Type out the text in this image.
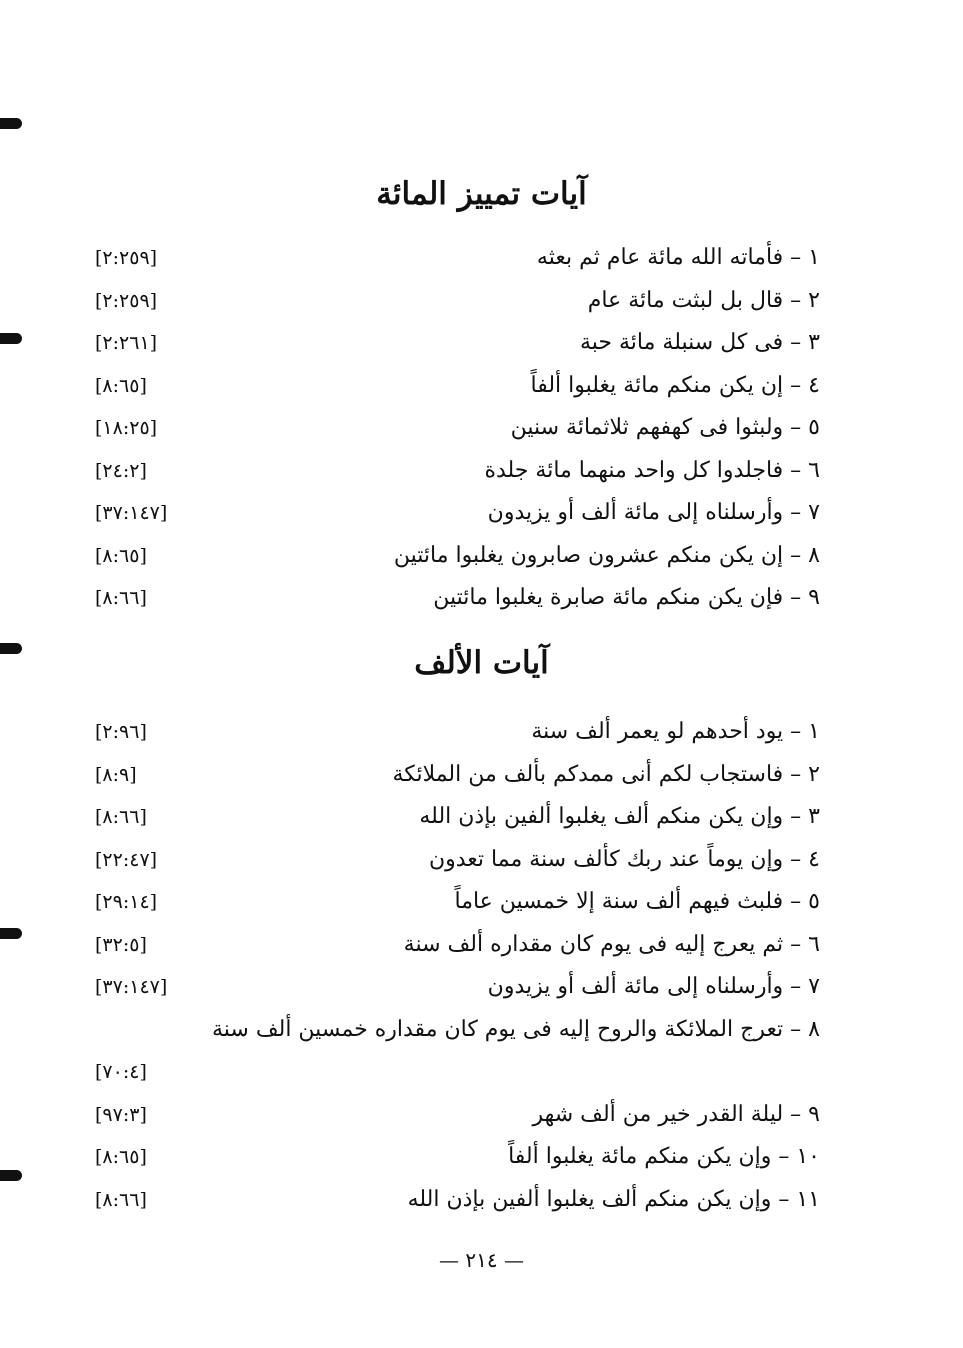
آيات تمييز المائة
١ – فأماته الله مائة عام ثم بعثه
[٢:٢٥٩]
٢ – قال بل لبثت مائة عام
[٢:٢٥٩]
٣ – فى كل سنبلة مائة حبة
[٢:٢٦١]
٤ – إن يكن منكم مائة يغلبوا ألفاً
[٨:٦٥]
٥ – ولبثوا فى كهفهم ثلاثمائة سنين
[١٨:٢٥]
٦ – فاجلدوا كل واحد منهما مائة جلدة
[٢٤:٢]
٧ – وأرسلناه إلى مائة ألف أو يزيدون
[٣٧:١٤٧]
٨ – إن يكن منكم عشرون صابرون يغلبوا مائتين
[٨:٦٥]
٩ – فإن يكن منكم مائة صابرة يغلبوا مائتين
[٨:٦٦]
آيات الألف
١ – يود أحدهم لو يعمر ألف سنة
[٢:٩٦]
٢ – فاستجاب لكم أنى ممدكم بألف من الملائكة
[٨:٩]
٣ – وإن يكن منكم ألف يغلبوا ألفين بإذن الله
[٨:٦٦]
٤ – وإن يوماً عند ربك كألف سنة مما تعدون
[٢٢:٤٧]
٥ – فلبث فيهم ألف سنة إلا خمسين عاماً
[٢٩:١٤]
٦ – ثم يعرج إليه فى يوم كان مقداره ألف سنة
[٣٢:٥]
٧ – وأرسلناه إلى مائة ألف أو يزيدون
[٣٧:١٤٧]
٨ – تعرج الملائكة والروح إليه فى يوم كان مقداره خمسين ألف سنة
[٧٠:٤]
٩ – ليلة القدر خير من ألف شهر
[٩٧:٣]
١٠ – وإن يكن منكم مائة يغلبوا ألفاً
[٨:٦٥]
١١ – وإن يكن منكم ألف يغلبوا ألفين بإذن الله
[٨:٦٦]
— ٢١٤ —
